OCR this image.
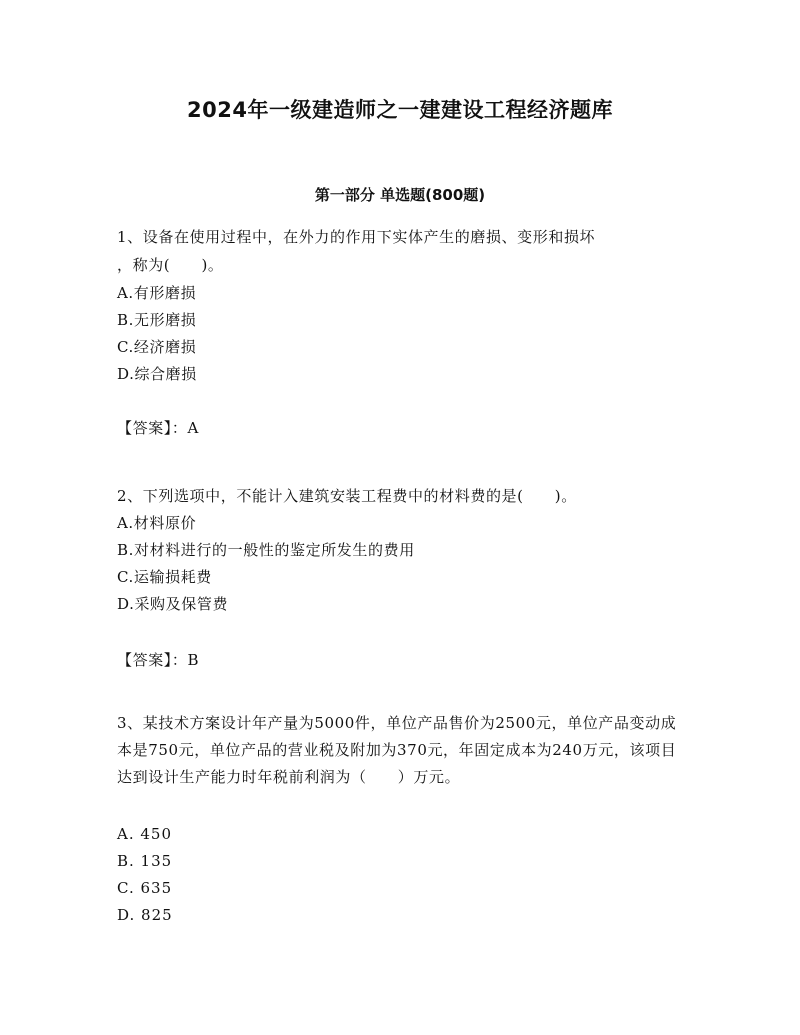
2024年一级建造师之一建建设工程经济题库
第一部分 单选题(800题)
1、设备在使用过程中，在外力的作用下实体产生的磨损、变形和损坏
，称为(　　)。
A.有形磨损
B.无形磨损
C.经济磨损
D.综合磨损
【答案】：A
2、下列选项中，不能计入建筑安装工程费中的材料费的是(　　)。
A.材料原价
B.对材料进行的一般性的鉴定所发生的费用
C.运输损耗费
D.采购及保管费
【答案】：B
3、某技术方案设计年产量为5000件，单位产品售价为2500元，单位产品变动成本是750元，单位产品的营业税及附加为370元，年固定成本为240万元，该项目达到设计生产能力时年税前利润为（　　）万元。
A. 450
B. 135
C. 635
D. 825
